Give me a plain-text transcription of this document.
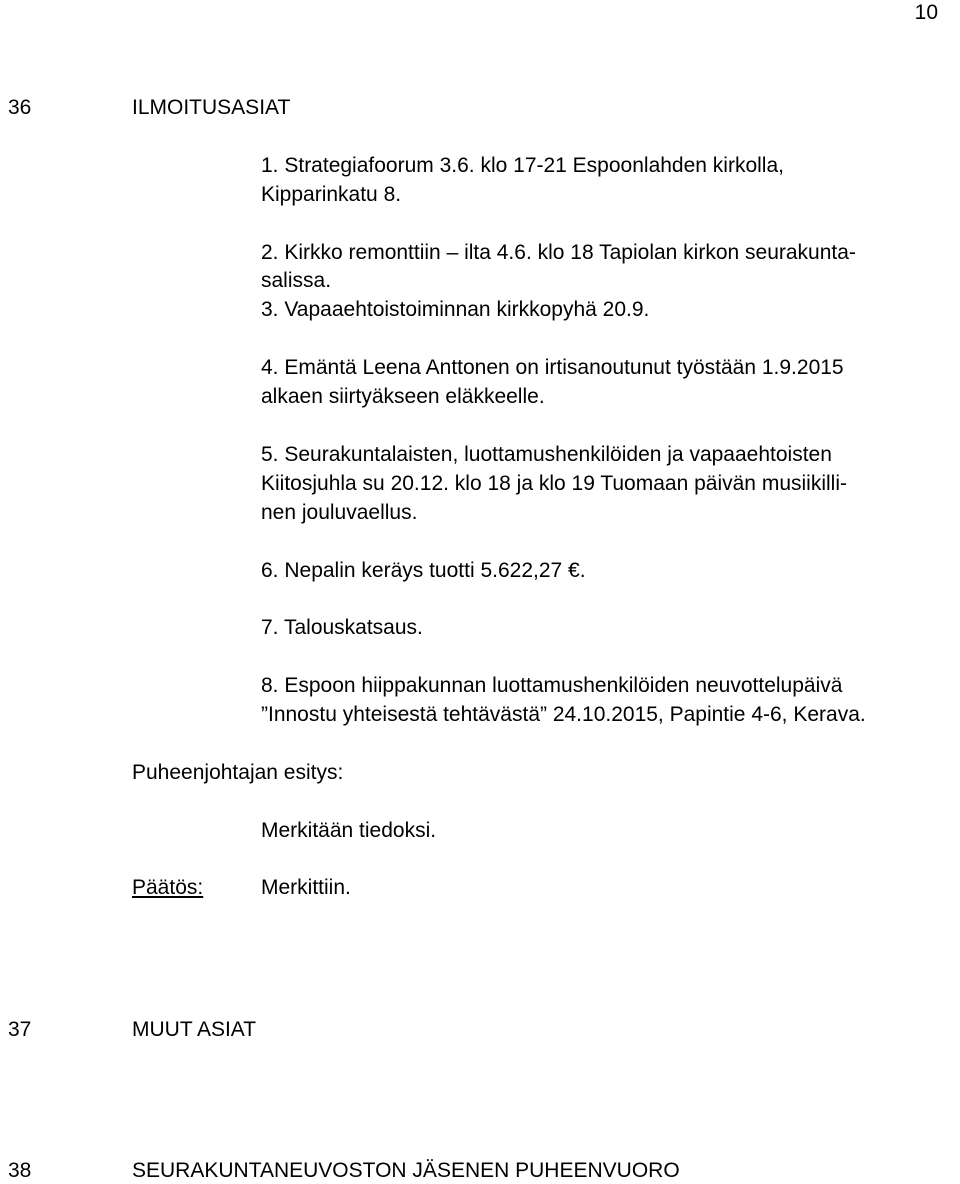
10
36	ILMOITUSASIAT
1. Strategiafoorum 3.6. klo 17-21 Espoonlahden kirkolla,
Kipparinkatu 8.
2. Kirkko remonttiin – ilta 4.6. klo 18 Tapiolan kirkon seurakunta-
salissa.
3. Vapaaehtoistoiminnan kirkkopyhä 20.9.
4. Emäntä Leena Anttonen on irtisanoutunut työstään 1.9.2015
alkaen siirtyäkseen eläkkeelle.
5. Seurakuntalaisten, luottamushenkilöiden ja vapaaehtoisten
Kiitosjuhla su 20.12. klo 18 ja klo 19 Tuomaan päivän musiikilli-
nen jouluvaellus.
6. Nepalin keräys tuotti 5.622,27 €.
7. Talouskatsaus.
8. Espoon hiippakunnan luottamushenkilöiden neuvottelupäivä
”Innostu yhteisestä tehtävästä” 24.10.2015, Papintie 4-6, Kerava.
Puheenjohtajan esitys:
Merkitään tiedoksi.
Päätös:	Merkittiin.
37	MUUT ASIAT
38	SEURAKUNTANEUVOSTON JÄSENEN PUHEENVUORO
